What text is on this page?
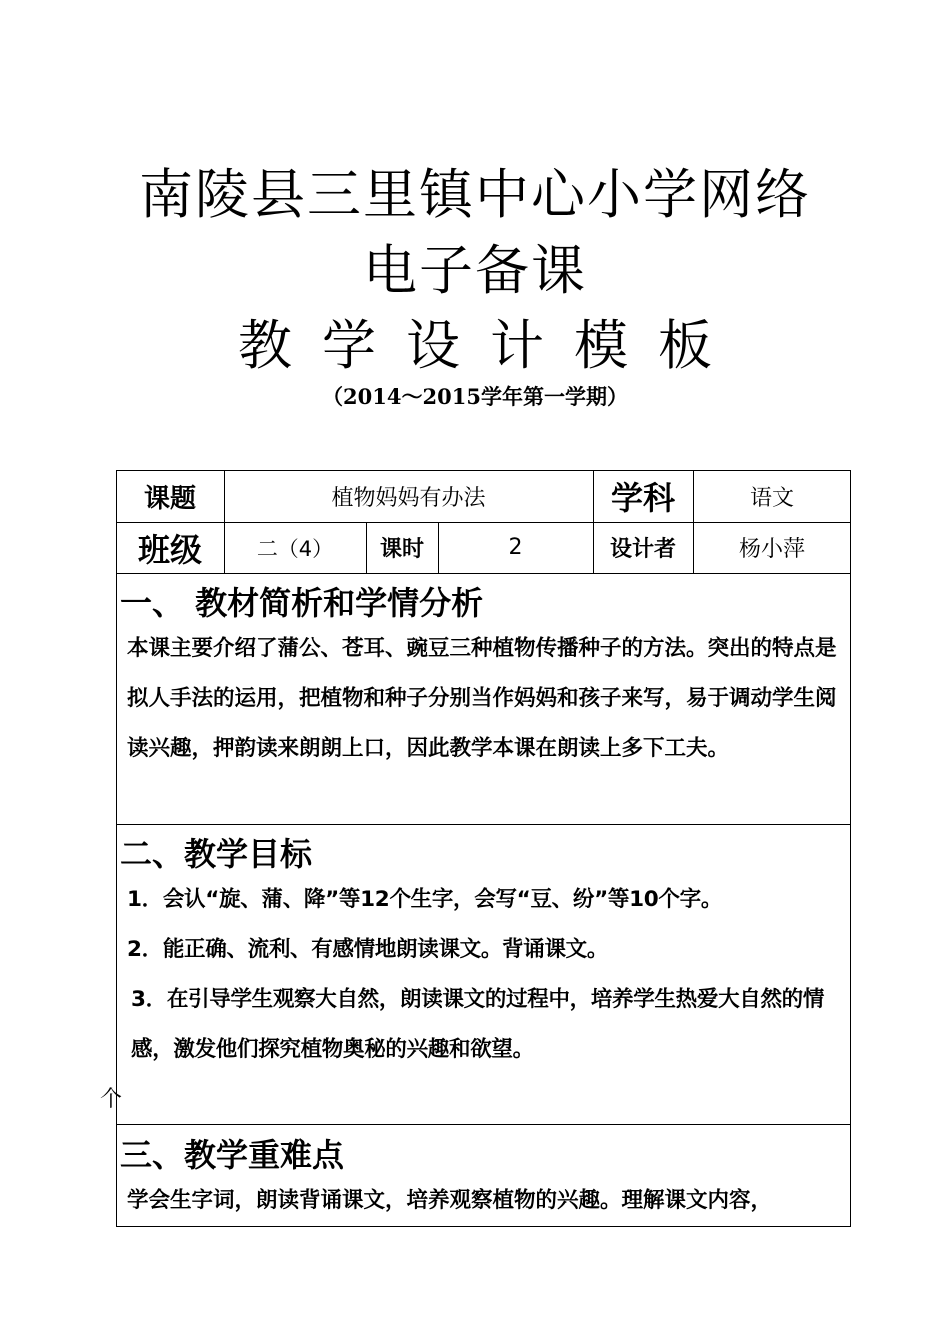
南陵县三里镇中心小学网络
电子备课
教学设计模板
（2014～2015学年第一学期）
课题	植物妈妈有办法	学科	语文
班级	二（4）	课时	2	设计者	杨小萍
一、 教材简析和学情分析

本课主要介绍了蒲公、苍耳、豌豆三种植物传播种子的方法。突出的特点是拟人手法的运用，把植物和种子分别当作妈妈和孩子来写，易于调动学生阅读兴趣，押韵读来朗朗上口，因此教学本课在朗读上多下工夫。

二、教学目标

1．会认“旋、蒲、降”等12个生字，会写“豆、纷”等10个字。

2．能正确、流利、有感情地朗读课文。背诵课文。

3．在引导学生观察大自然，朗读课文的过程中，培养学生热爱大自然的情感，激发他们探究植物奥秘的兴趣和欲望。

个
三、教学重难点

学会生字词，朗读背诵课文，培养观察植物的兴趣。理解课文内容，
